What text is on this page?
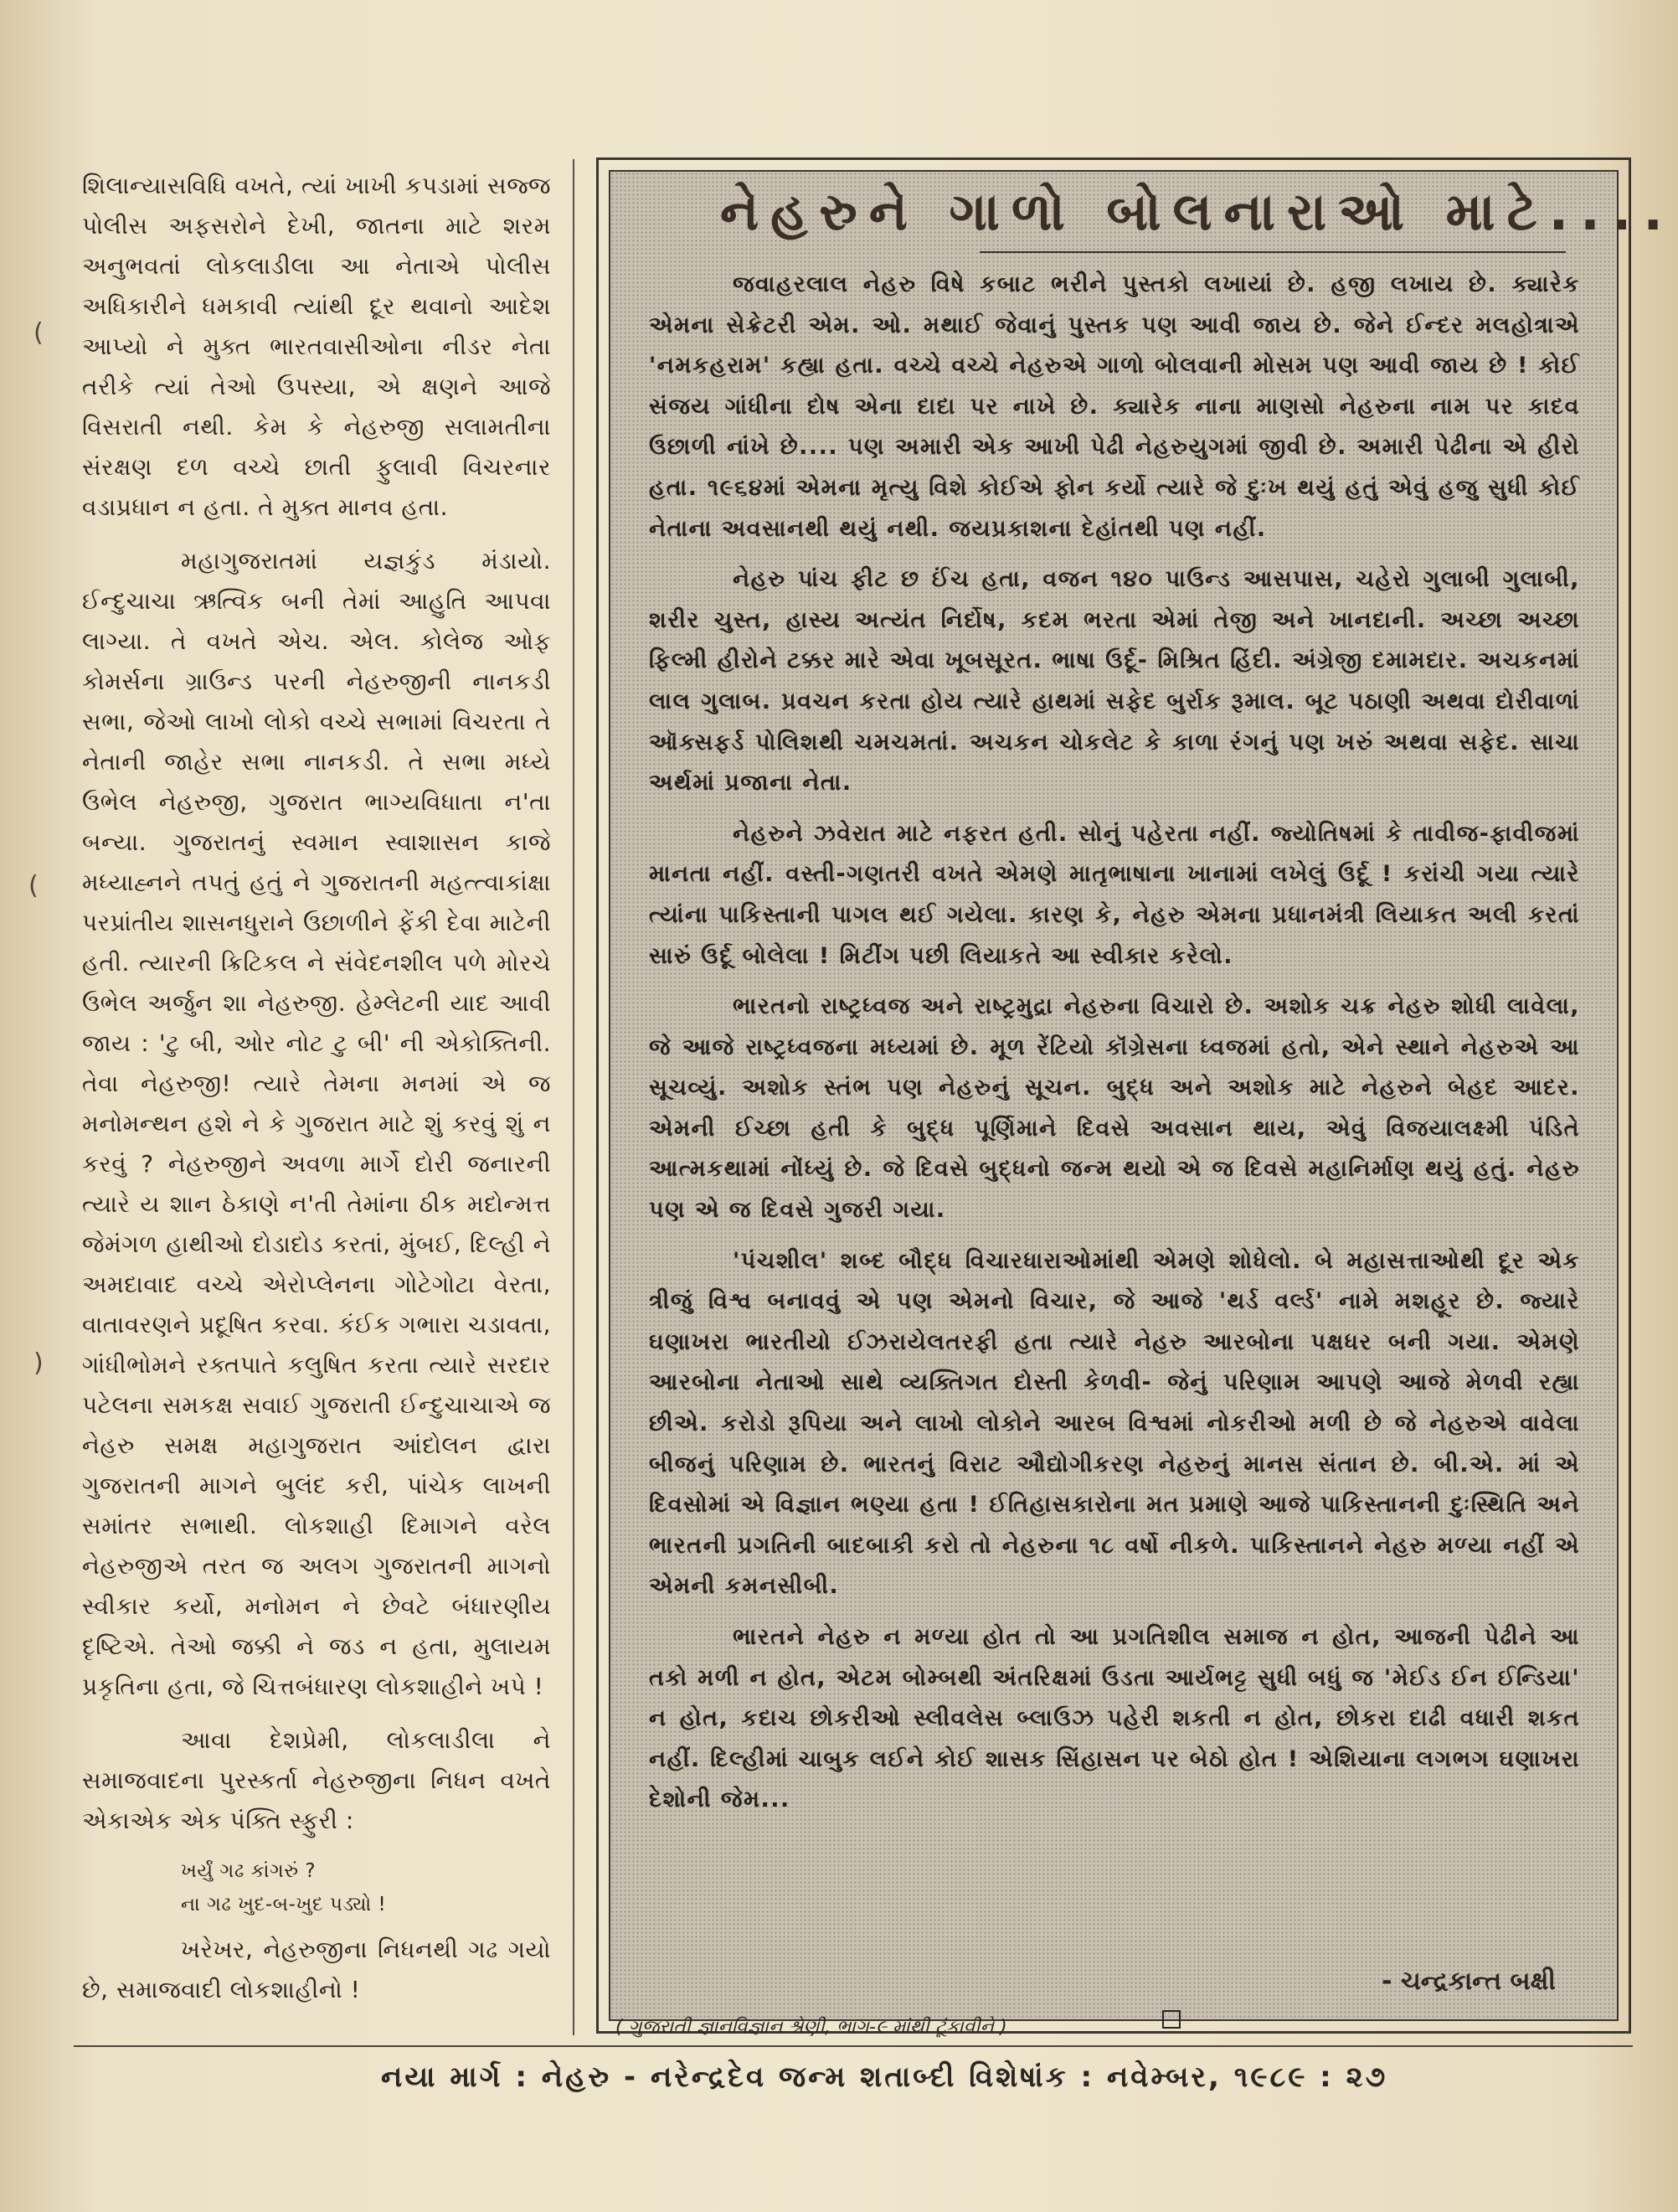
શિલાન્યાસવિધિ વખતે, ત્યાં ખાખી કપડામાં સજ્જ પોલીસ અફસરોને દેખી, જાતના માટે શરમ અનુભવતાં લોકલાડીલા આ નેતાએ પોલીસ અધિકારીને ધમકાવી ત્યાંથી દૂર થવાનો આદેશ આપ્યો ને મુક્ત ભારતવાસીઓના નીડર નેતા તરીકે ત્યાં તેઓ ઉપસ્યા, એ ક્ષણને આજે વિસરાતી નથી. કેમ કે નેહરુજી સલામતીના સંરક્ષણ દળ વચ્ચે છાતી ફુલાવી વિચરનાર વડાપ્રધાન ન હતા. તે મુક્ત માનવ હતા.

મહાગુજરાતમાં યજ્ઞકુંડ મંડાયો. ઈન્દુચાચા ઋત્વિક બની તેમાં આહુતિ આપવા લાગ્યા. તે વખતે એચ. એલ. કોલેજ ઓફ કોમર્સના ગ્રાઉન્ડ પરની નેહરુજીની નાનકડી સભા, જેઓ લાખો લોકો વચ્ચે સભામાં વિચરતા તે નેતાની જાહેર સભા નાનકડી. તે સભા મધ્યે ઉભેલ નેહરુજી, ગુજરાત ભાગ્યવિધાતા ન'તા બન્યા. ગુજરાતનું સ્વમાન સ્વાશાસન કાજે મધ્યાહ્નને તપતું હતું ને ગુજરાતની મહત્ત્વાકાંક્ષા પરપ્રાંતીય શાસનધુરાને ઉછાળીને ફેંકી દેવા માટેની હતી. ત્યારની ક્રિટિકલ ને સંવેદનશીલ પળે મોરચે ઉભેલ અર્જુન શા નેહરુજી. હેમ્લેટની યાદ આવી જાય : 'ટુ બી, ઓર નોટ ટુ બી' ની એકોક્તિની. તેવા નેહરુજી! ત્યારે તેમના મનમાં એ જ મનોમન્થન હશે ને કે ગુજરાત માટે શું કરવું શું ન કરવું ? નેહરુજીને અવળા માર્ગે દોરી જનારની ત્યારે ય શાન ઠેકાણે ન'તી તેમાંના ઠીક મદોન્મત્ત જેમંગળ હાથીઓ દોડાદોડ કરતાં, મુંબઈ, દિલ્હી ને અમદાવાદ વચ્ચે એરોપ્લેનના ગોટેગોટા વેરતા, વાતાવરણને પ્રદૂષિત કરવા. કંઈક ગભારા ચડાવતા, ગાંધીભોમને રક્તપાતે કલુષિત કરતા ત્યારે સરદાર પટેલના સમકક્ષ સવાઈ ગુજરાતી ઈન્દુચાચાએ જ નેહરુ સમક્ષ મહાગુજરાત આંદોલન દ્વારા ગુજરાતની માગને બુલંદ કરી, પાંચેક લાખની સમાંતર સભાથી. લોકશાહી દિમાગને વરેલ નેહરુજીએ તરત જ અલગ ગુજરાતની માગનો સ્વીકાર કર્યો, મનોમન ને છેવટે બંધારણીય દૃષ્ટિએ. તેઓ જક્કી ને જડ ન હતા, મુલાયમ પ્રકૃતિના હતા, જે ચિત્તબંધારણ લોકશાહીને ખપે !

આવા દેશપ્રેમી, લોકલાડીલા ને સમાજવાદના પુરસ્કર્તા નેહરુજીના નિધન વખતે એકાએક એક પંક્તિ સ્ફુરી :

ખર્યું ગઢ કાંગરું ?
ના ગઢ ખુદ-બ-ખુદ પડ્યો !

ખરેખર, નેહરુજીના નિધનથી ગઢ ગયો છે, સમાજવાદી લોકશાહીનો !

(
(
)
નેહરુને ગાળો બોલનારાઓ માટે....

જવાહરલાલ નેહરુ વિષે કબાટ ભરીને પુસ્તકો લખાયાં છે. હજી લખાય છે. ક્યારેક એમના સેક્રેટરી એમ. ઓ. મથાઈ જેવાનું પુસ્તક પણ આવી જાય છે. જેને ઈન્દર મલહોત્રાએ 'નમકહરામ' કહ્યા હતા. વચ્ચે વચ્ચે નેહરુએ ગાળો બોલવાની મોસમ પણ આવી જાય છે ! કોઈ સંજય ગાંધીના દોષ એના દાદા પર નાખે છે. ક્યારેક નાના માણસો નેહરુના નામ પર કાદવ ઉછાળી નાંખે છે.... પણ અમારી એક આખી પેઢી નેહરુયુગમાં જીવી છે. અમારી પેઢીના એ હીરો હતા. ૧૯૬૪માં એમના મૃત્યુ વિશે કોઈએ ફોન કર્યો ત્યારે જે દુઃખ થયું હતું એવું હજુ સુધી કોઈ નેતાના અવસાનથી થયું નથી. જયપ્રકાશના દેહાંતથી પણ નહીં.

નેહરુ પાંચ ફીટ છ ઈંચ હતા, વજન ૧૪૦ પાઉન્ડ આસપાસ, ચહેરો ગુલાબી ગુલાબી, શરીર ચુસ્ત, હાસ્ય અત્યંત નિર્દોષ, કદમ ભરતા એમાં તેજી અને ખાનદાની. અચ્છા અચ્છા ફિલ્મી હીરોને ટક્કર મારે એવા ખૂબસૂરત. ભાષા ઉર્દૂ- મિશ્રિત હિંદી. અંગ્રેજી દમામદાર. અચકનમાં લાલ ગુલાબ. પ્રવચન કરતા હોય ત્યારે હાથમાં સફેદ બુર્રાક રૂમાલ. બૂટ પઠાણી અથવા દોરીવાળાં ઑક્સફર્ડ પોલિશથી ચમચમતાં. અચકન ચોકલેટ કે કાળા રંગનું પણ ખરું અથવા સફેદ. સાચા અર્થમાં પ્રજાના નેતા.

નેહરુને ઝવેરાત માટે નફરત હતી. સોનું પહેરતા નહીં. જ્યોતિષમાં કે તાવીજ-ફાવીજમાં માનતા નહીં. વસ્તી-ગણતરી વખતે એમણે માતૃભાષાના ખાનામાં લખેલું ઉર્દૂ ! કરાંચી ગયા ત્યારે ત્યાંના પાકિસ્તાની પાગલ થઈ ગયેલા. કારણ કે, નેહરુ એમના પ્રધાનમંત્રી લિયાકત અલી કરતાં સારું ઉર્દૂ બોલેલા ! મિટીંગ પછી લિયાકતે આ સ્વીકાર કરેલો.

ભારતનો રાષ્ટ્રધ્વજ અને રાષ્ટ્રમુદ્રા નેહરુના વિચારો છે. અશોક ચક્ર નેહરુ શોધી લાવેલા, જે આજે રાષ્ટ્રધ્વજના મધ્યમાં છે. મૂળ રેંટિયો કૉંગ્રેસના ધ્વજમાં હતો, એને સ્થાને નેહરુએ આ સૂચવ્યું. અશોક સ્તંભ પણ નેહરુનું સૂચન. બુદ્ધ અને અશોક માટે નેહરુને બેહદ આદર. એમની ઈચ્છા હતી કે બુદ્ધ પૂર્ણિમાને દિવસે અવસાન થાય, એવું વિજયાલક્ષ્મી પંડિતે આત્મકથામાં નોંધ્યું છે. જે દિવસે બુદ્ધનો જન્મ થયો એ જ દિવસે મહાનિર્માણ થયું હતું. નેહરુ પણ એ જ દિવસે ગુજરી ગયા.

'પંચશીલ' શબ્દ બૌદ્ધ વિચારધારાઓમાંથી એમણે શોધેલો. બે મહાસત્તાઓથી દૂર એક ત્રીજું વિશ્વ બનાવવું એ પણ એમનો વિચાર, જે આજે 'થર્ડ વર્લ્ડ' નામે મશહૂર છે. જ્યારે ઘણાખરા ભારતીયો ઈઝરાયેલતરફી હતા ત્યારે નેહરુ આરબોના પક્ષધર બની ગયા. એમણે આરબોના નેતાઓ સાથે વ્યક્તિગત દોસ્તી કેળવી- જેનું પરિણામ આપણે આજે મેળવી રહ્યા છીએ. કરોડો રૂપિયા અને લાખો લોકોને આરબ વિશ્વમાં નોકરીઓ મળી છે જે નેહરુએ વાવેલા બીજનું પરિણામ છે. ભારતનું વિરાટ ઔદ્યોગીકરણ નેહરુનું માનસ સંતાન છે. બી.એ. માં એ દિવસોમાં એ વિજ્ઞાન ભણ્યા હતા ! ઈતિહાસકારોના મત પ્રમાણે આજે પાકિસ્તાનની દુઃસ્થિતિ અને ભારતની પ્રગતિની બાદબાકી કરો તો નેહરુના ૧૮ વર્ષો નીકળે. પાકિસ્તાનને નેહરુ મળ્યા નહીં એ એમની કમનસીબી.

ભારતને નેહરુ ન મળ્યા હોત તો આ પ્રગતિશીલ સમાજ ન હોત, આજની પેઢીને આ તકો મળી ન હોત, એટમ બોમ્બથી અંતરિક્ષમાં ઉડતા આર્યભટ્ટ સુધી બધું જ 'મેઈડ ઈન ઈન્ડિયા' ન હોત, કદાચ છોકરીઓ સ્લીવલેસ બ્લાઉઝ પહેરી શકતી ન હોત, છોકરા દાઢી વધારી શકત નહીં. દિલ્હીમાં ચાબુક લઈને કોઈ શાસક સિંહાસન પર બેઠો હોત ! એશિયાના લગભગ ઘણાખરા દેશોની જેમ...

- ચન્દ્રકાન્ત બક્ષી
( ગુજરાતી જ્ઞાનવિજ્ઞાન શ્રેણી, ભાગ-૯ માંથી ટૂંકાવીને )
નયા માર્ગ : નેહરુ - નરેન્દ્રદેવ જન્મ શતાબ્દી વિશેષાંક : નવેમ્બર, ૧૯૮૯ : ૨૭
